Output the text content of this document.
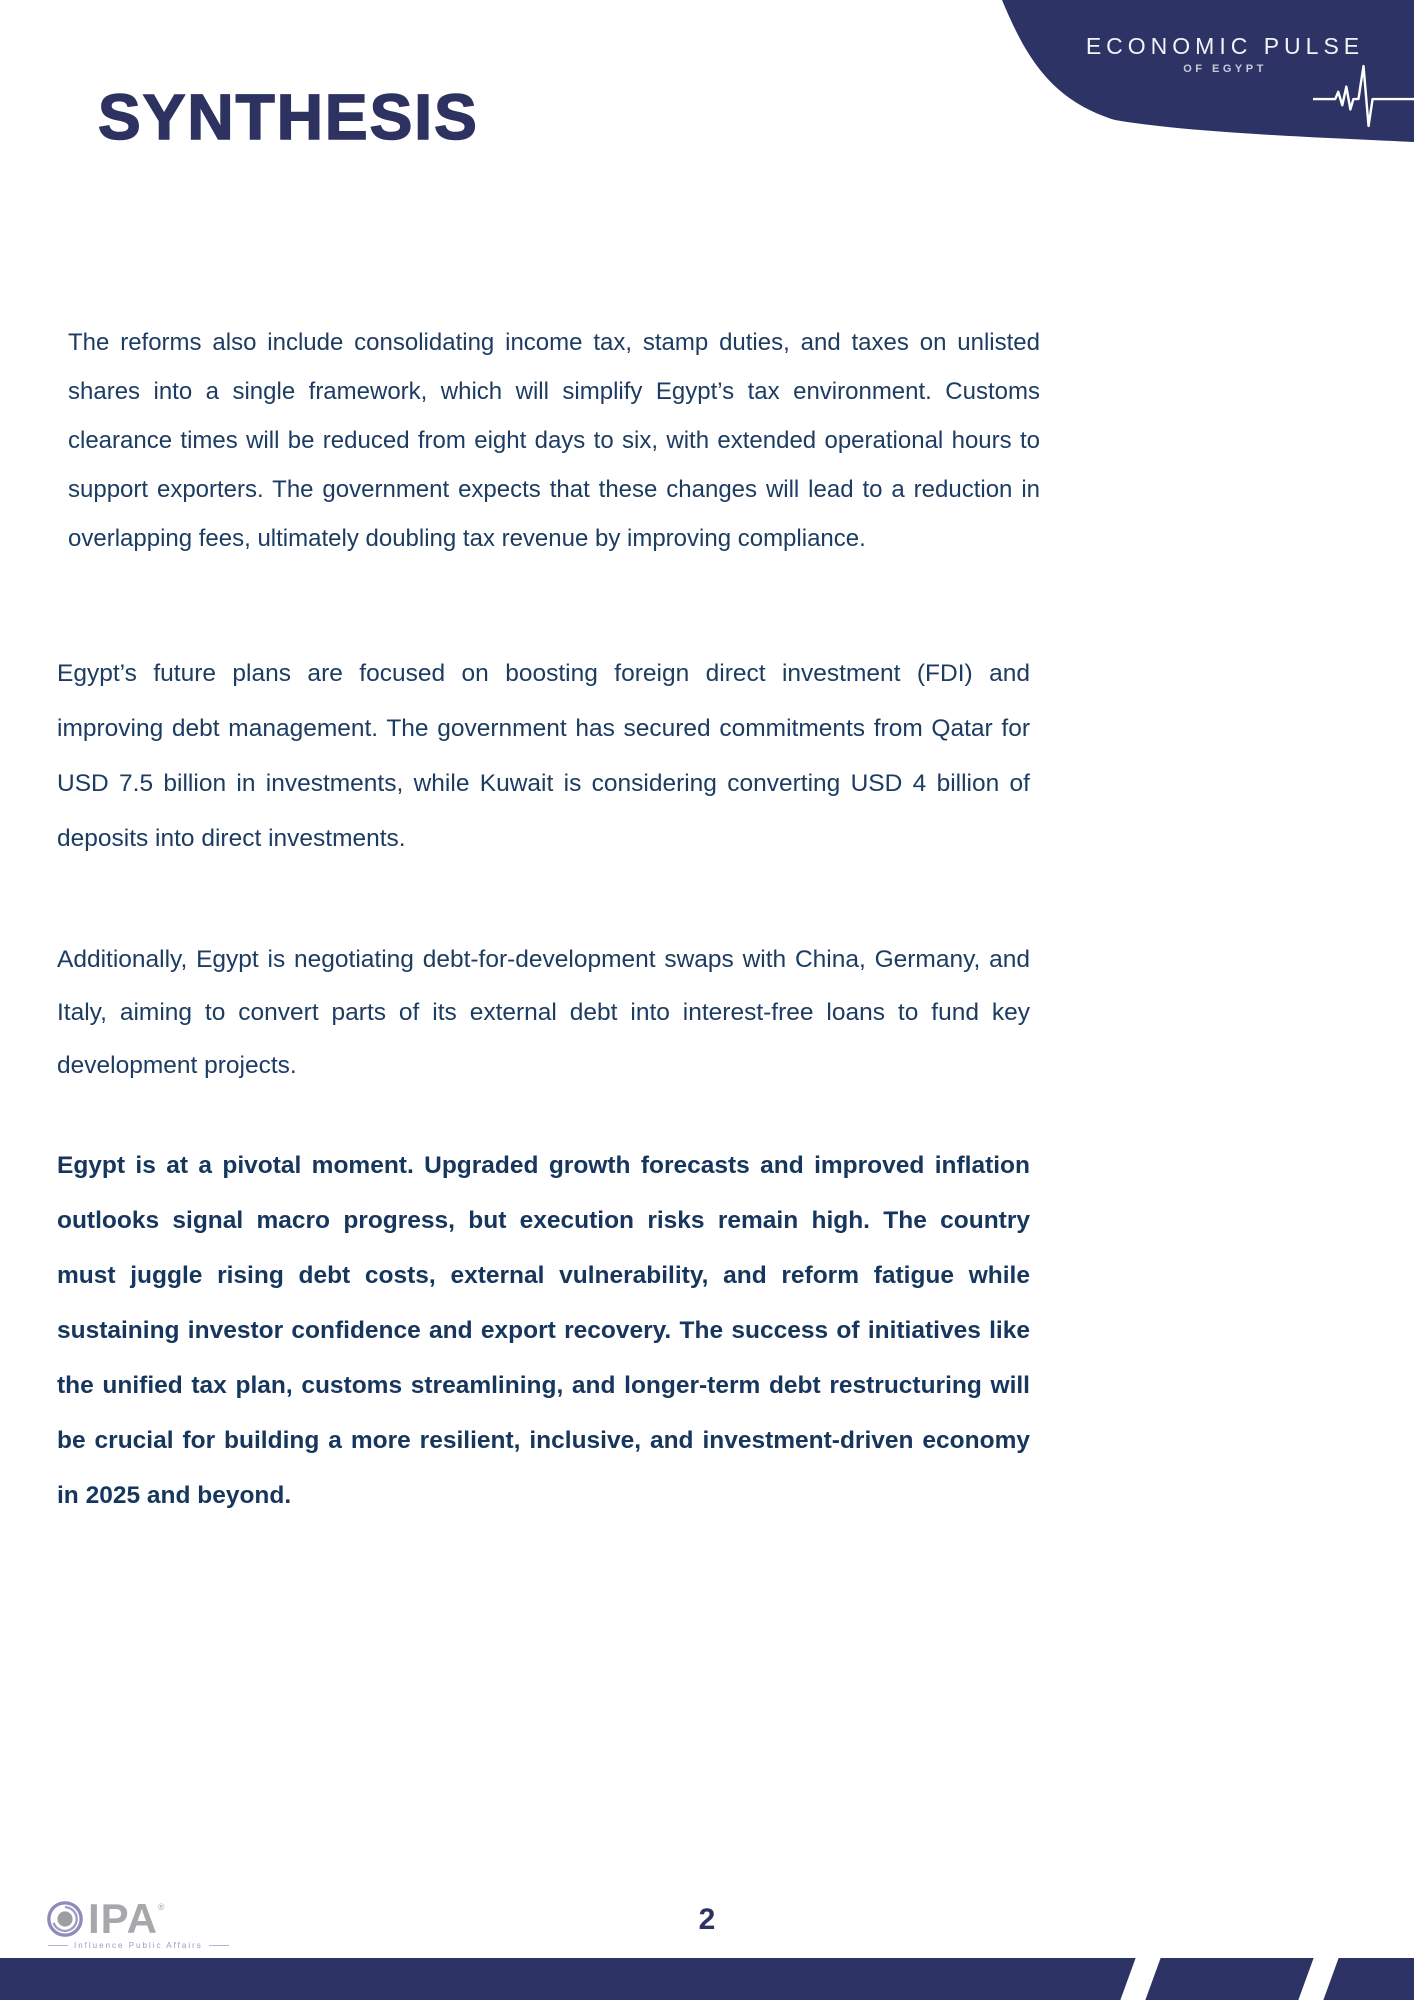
ECONOMIC PULSE
OF EGYPT
SYNTHESIS
The reforms also include consolidating income tax, stamp duties, and taxes on unlisted shares into a single framework, which will simplify Egypt’s tax environment. Customs clearance times will be reduced from eight days to six, with extended operational hours to support exporters. The government expects that these changes will lead to a reduction in overlapping fees, ultimately doubling tax revenue by improving compliance.
Egypt’s future plans are focused on boosting foreign direct investment (FDI) and improving debt management. The government has secured commitments from Qatar for USD 7.5 billion in investments, while Kuwait is considering converting USD 4 billion of deposits into direct investments.
Additionally, Egypt is negotiating debt-for-development swaps with China, Germany, and Italy, aiming to convert parts of its external debt into interest-free loans to fund key development projects.
Egypt is at a pivotal moment. Upgraded growth forecasts and improved inflation outlooks signal macro progress, but execution risks remain high. The country must juggle rising debt costs, external vulnerability, and reform fatigue while sustaining investor confidence and export recovery. The success of initiatives like the unified tax plan, customs streamlining, and longer-term debt restructuring will be crucial for building a more resilient, inclusive, and investment-driven economy in 2025 and beyond.
IPA®
Influence Public Affairs
2
